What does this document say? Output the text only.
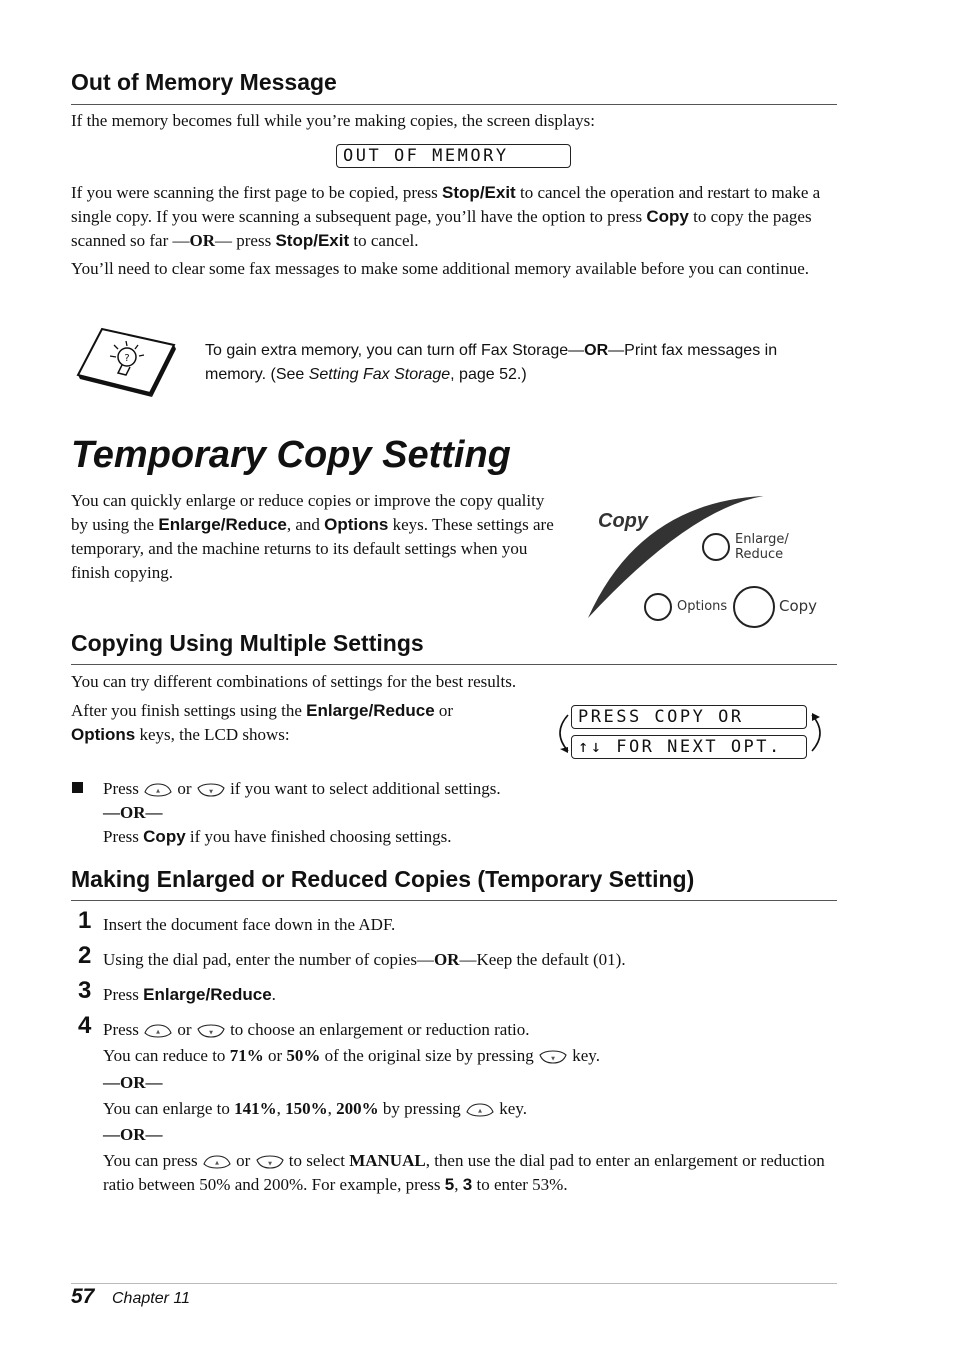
Out of Memory Message

If the memory becomes full while you’re making copies, the screen displays:

OUT OF MEMORY

If you were scanning the first page to be copied, press Stop/Exit to cancel the operation and restart to make a single copy. If you were scanning a subsequent page, you’ll have the option to press Copy to copy the pages scanned so far —OR— press Stop/Exit to cancel.

You’ll need to clear some fax messages to make some additional memory available before you can continue.

?	To gain extra memory, you can turn off Fax Storage—OR—Print fax messages in memory. (See Setting Fax Storage, page 52.)

Temporary Copy Setting

You can quickly enlarge or reduce copies or improve the copy quality by using the Enlarge/Reduce, and Options keys. These settings are temporary, and the machine returns to its default settings when you finish copying.

Copy
Enlarge/
Reduce
Options	Copy
Copying Using Multiple Settings

You can try different combinations of settings for the best results.

After you finish settings using the Enlarge/Reduce or Options keys, the LCD shows:

PRESS COPY OR
↑↓ FOR NEXT OPT.

Press or if you want to select additional settings.

—OR—

Press Copy if you have finished choosing settings.

Making Enlarged or Reduced Copies (Temporary Setting)
1 Insert the document face down in the ADF.

2 Using the dial pad, enter the number of copies—OR—Keep the default (01).

3 Press Enlarge/Reduce.

4 Press or to choose an enlargement or reduction ratio.

You can reduce to 71% or 50% of the original size by pressing key.

—OR—

You can enlarge to 141%, 150%, 200% by pressing key.

—OR—

You can press or to select MANUAL, then use the dial pad to enter an enlargement or reduction ratio between 50% and 200%. For example, press 5, 3 to enter 53%.

57 Chapter 11
